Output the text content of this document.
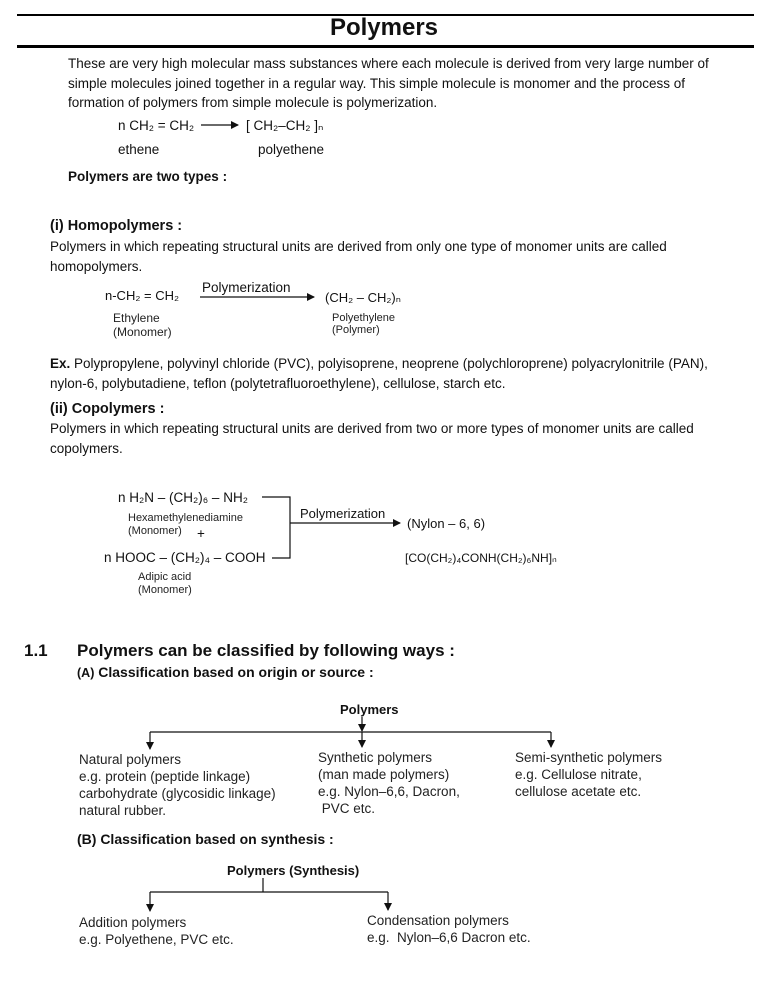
Polymers
These are very high molecular mass substances where each molecule is derived from very large number of simple molecules joined together in a regular way. This simple molecule is monomer and the process of formation of polymers from simple molecule is polymerization.
n CH₂ = CH₂	[ CH₂–CH₂ ]ₙ
ethene	polyethene
Polymers are two types :
(i) Homopolymers :
Polymers in which repeating structural units are derived from only one type of monomer units are called homopolymers.
n-CH₂ = CH₂
Polymerization
(CH₂ – CH₂)ₙ
Ethylene
(Monomer)
Polyethylene
(Polymer)
Ex. Polypropylene, polyvinyl chloride (PVC), polyisoprene, neoprene (polychloroprene) polyacrylonitrile (PAN), nylon-6, polybutadiene, teflon (polytetrafluoroethylene), cellulose, starch etc.
(ii) Copolymers :
Polymers in which repeating structural units are derived from two or more types of monomer units are called copolymers.
n H₂N – (CH₂)₆ – NH₂
Hexamethylenediamine
(Monomer) +
n HOOC – (CH₂)₄ – COOH
Adipic acid
(Monomer)
Polymerization
(Nylon – 6, 6)
[CO(CH₂)₄CONH(CH₂)₆NH]ₙ
1.1 Polymers can be classified by following ways :
(A) Classification based on origin or source :
Polymers
Natural polymers
e.g. protein (peptide linkage)
carbohydrate (glycosidic linkage)
natural rubber.
Synthetic polymers
(man made polymers)
e.g. Nylon–6,6, Dacron,
PVC etc.
Semi-synthetic polymers
e.g. Cellulose nitrate,
cellulose acetate etc.
(B) Classification based on synthesis :
Polymers (Synthesis)
Addition polymers
e.g. Polyethene, PVC etc.
Condensation polymers
e.g.  Nylon–6,6 Dacron etc.
